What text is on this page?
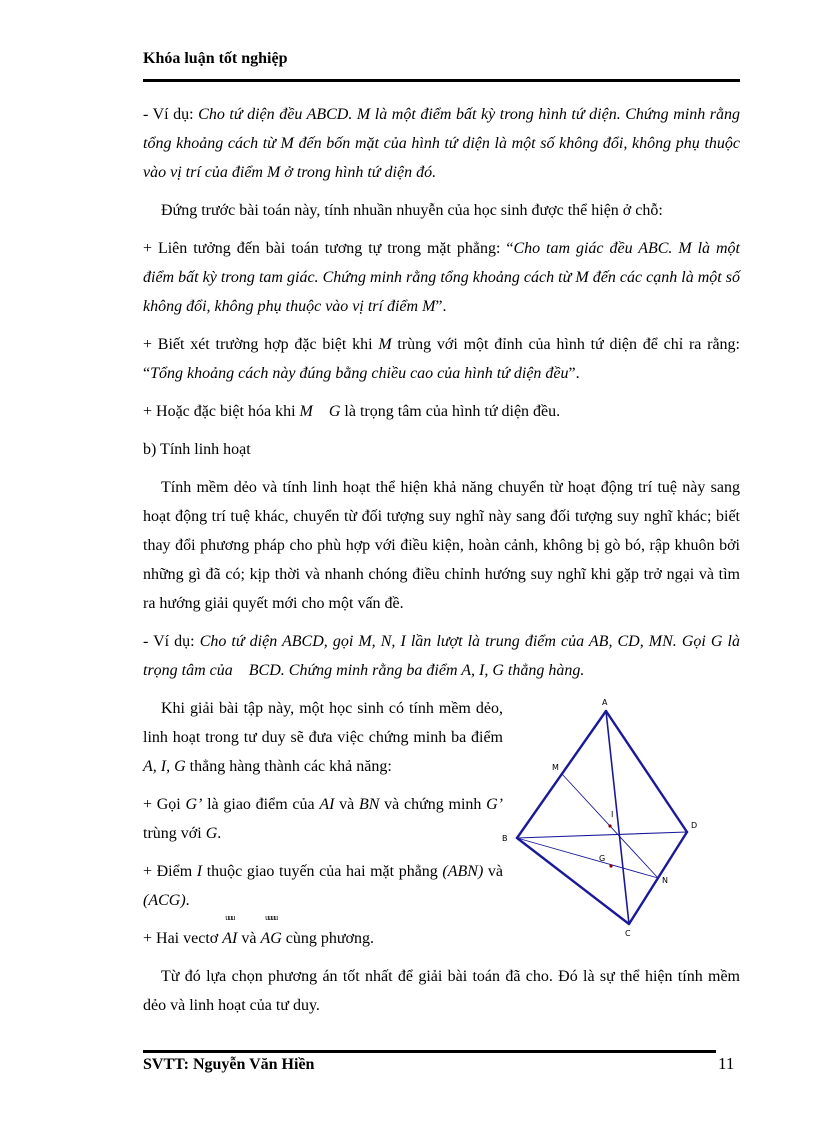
Khóa luận tốt nghiệp

- Ví dụ: Cho tứ diện đều ABCD. M là một điểm bất kỳ trong hình tứ diện. Chứng minh rằng tổng khoảng cách từ M đến bốn mặt của hình tứ diện là một số không đổi, không phụ thuộc vào vị trí của điểm M ở trong hình tứ diện đó.

Đứng trước bài toán này, tính nhuần nhuyễn của học sinh được thể hiện ở chỗ:

+ Liên tưởng đến bài toán tương tự trong mặt phẳng: “Cho tam giác đều ABC. M là một điểm bất kỳ trong tam giác. Chứng minh rằng tổng khoảng cách từ M đến các cạnh là một số không đổi, không phụ thuộc vào vị trí điểm M”.

+ Biết xét trường hợp đặc biệt khi M trùng với một đỉnh của hình tứ diện để chỉ ra rằng: “Tổng khoảng cách này đúng bằng chiều cao của hình tứ diện đều”.

+ Hoặc đặc biệt hóa khi M G là trọng tâm của hình tứ diện đều.

b) Tính linh hoạt

Tính mềm dẻo và tính linh hoạt thể hiện khả năng chuyển từ hoạt động trí tuệ này sang hoạt động trí tuệ khác, chuyển từ đối tượng suy nghĩ này sang đối tượng suy nghĩ khác; biết thay đổi phương pháp cho phù hợp với điều kiện, hoàn cảnh, không bị gò bó, rập khuôn bởi những gì đã có; kịp thời và nhanh chóng điều chỉnh hướng suy nghĩ khi gặp trở ngại và tìm ra hướng giải quyết mới cho một vấn đề.

- Ví dụ: Cho tứ diện ABCD, gọi M, N, I lần lượt là trung điểm của AB, CD, MN. Gọi G là trọng tâm của    BCD. Chứng minh rằng ba điểm A, I, G thẳng hàng.

A
B
C
D
M
N
I
G

Khi giải bài tập này, một học sinh có tính mềm dẻo, linh hoạt trong tư duy sẽ đưa việc chứng minh ba điểm A, I, G thẳng hàng thành các khả năng:

+ Gọi G’ là giao điểm của AI và BN và chứng minh G’ trùng với G.

+ Điểm I thuộc giao tuyến của hai mặt phẳng (ABN) và (ACG).

+ Hai vectơ
uuu
AI và
uuuu
AG cùng phương.

Từ đó lựa chọn phương án tốt nhất để giải bài toán đã cho. Đó là sự thể hiện tính mềm dẻo và linh hoạt của tư duy.

SVTT: Nguyễn Văn Hiền	11
